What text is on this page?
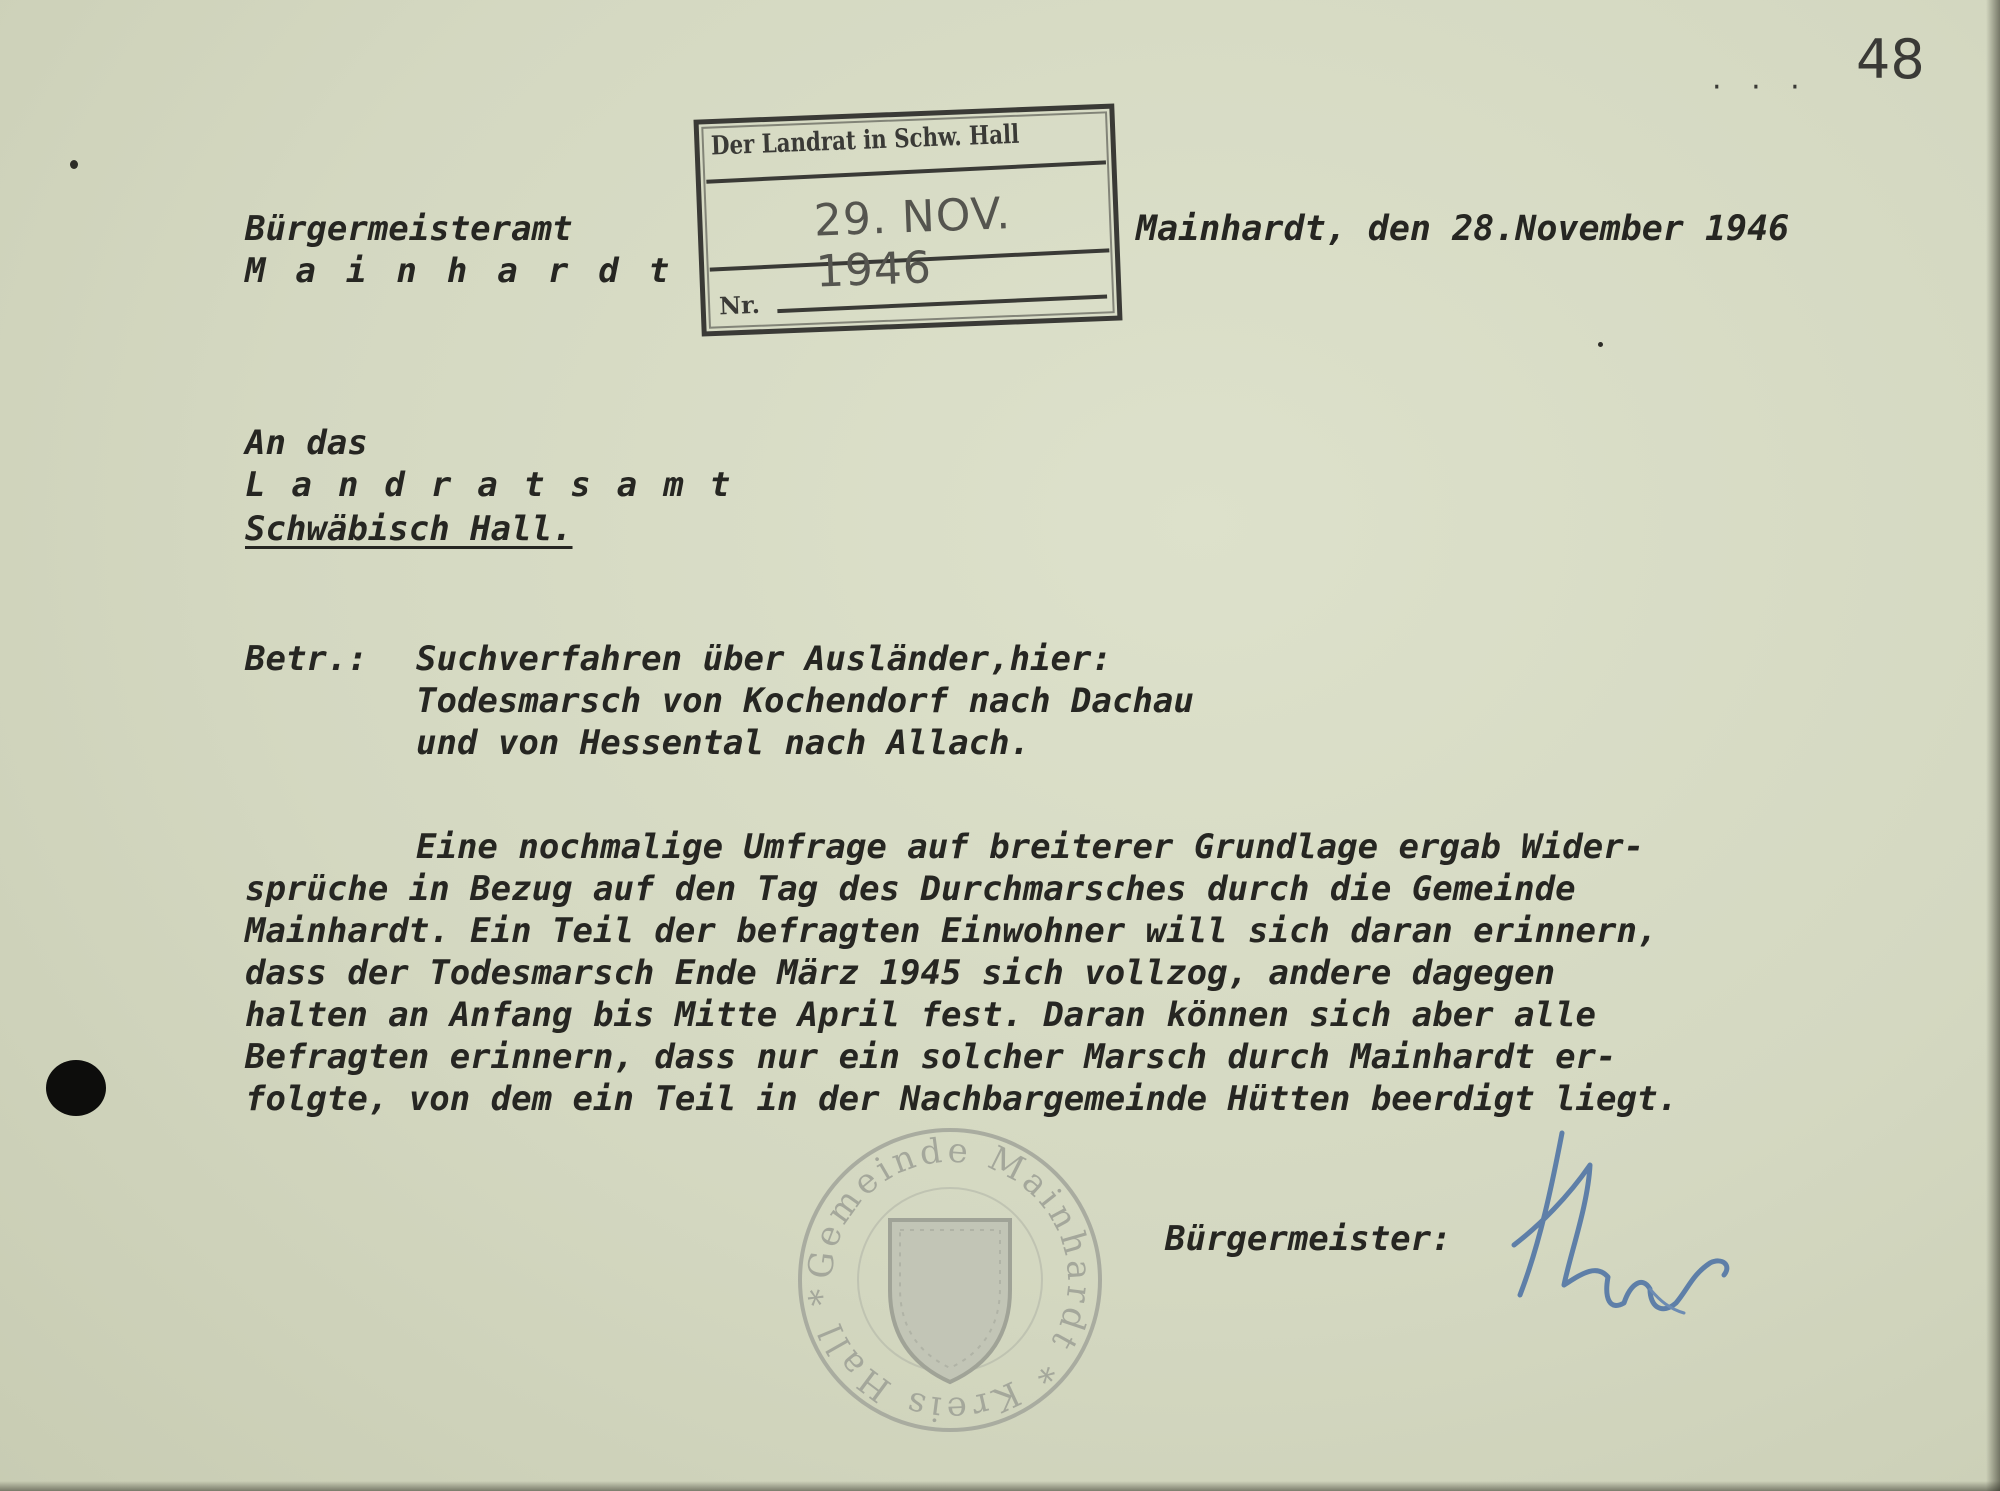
48
· · ·
Bürgermeisteramt
Mainhardt
Der Landrat in Schw. Hall
29. NOV. 1946
Nr.
Mainhardt, den 28.November 1946
An das
Landratsamt
Schwäbisch Hall.
Betr.: Suchverfahren über Ausländer,hier:
Todesmarsch von Kochendorf nach Dachau
und von Hessental nach Allach.
Eine nochmalige Umfrage auf breiterer Grundlage ergab Wider-
sprüche in Bezug auf den Tag des Durchmarsches durch die Gemeinde
Mainhardt. Ein Teil der befragten Einwohner will sich daran erinnern,
dass der Todesmarsch Ende März 1945 sich vollzog, andere dagegen
halten an Anfang bis Mitte April fest. Daran können sich aber alle
Befragten erinnern, dass nur ein solcher Marsch durch Mainhardt er-
folgte, von dem ein Teil in der Nachbargemeinde Hütten beerdigt liegt.
Gemeinde Mainhardt * Kreis Hall *
Bürgermeister:
